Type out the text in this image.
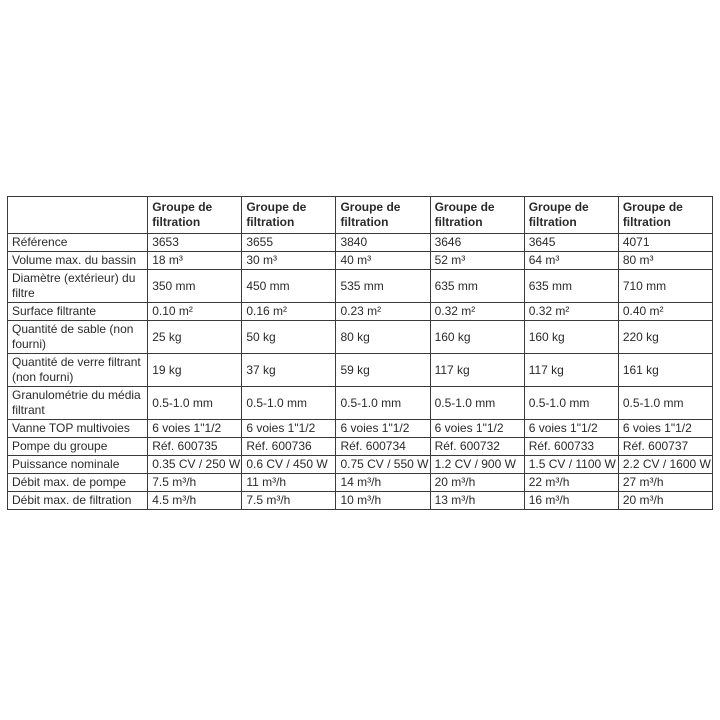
	Groupe de filtration	Groupe de filtration	Groupe de filtration	Groupe de filtration	Groupe de filtration	Groupe de filtration
Référence	3653	3655	3840	3646	3645	4071
Volume max. du bassin	18 m³	30 m³	40 m³	52 m³	64 m³	80 m³
Diamètre (extérieur) du filtre	350 mm	450 mm	535 mm	635 mm	635 mm	710 mm
Surface filtrante	0.10 m²	0.16 m²	0.23 m²	0.32 m²	0.32 m²	0.40 m²
Quantité de sable (non fourni)	25 kg	50 kg	80 kg	160 kg	160 kg	220 kg
Quantité de verre filtrant (non fourni)	19 kg	37 kg	59 kg	117 kg	117 kg	161 kg
Granulométrie du média filtrant	0.5-1.0 mm	0.5-1.0 mm	0.5-1.0 mm	0.5-1.0 mm	0.5-1.0 mm	0.5-1.0 mm
Vanne TOP multivoies	6 voies 1"1/2	6 voies 1"1/2	6 voies 1"1/2	6 voies 1"1/2	6 voies 1"1/2	6 voies 1"1/2
Pompe du groupe	Réf. 600735	Réf. 600736	Réf. 600734	Réf. 600732	Réf. 600733	Réf. 600737
Puissance nominale	0.35 CV / 250 W	0.6 CV / 450 W	0.75 CV / 550 W	1.2 CV / 900 W	1.5 CV / 1100 W	2.2 CV / 1600 W
Débit max. de pompe	7.5 m³/h	11 m³/h	14 m³/h	20 m³/h	22 m³/h	27 m³/h
Débit max. de filtration	4.5 m³/h	7.5 m³/h	10 m³/h	13 m³/h	16 m³/h	20 m³/h
